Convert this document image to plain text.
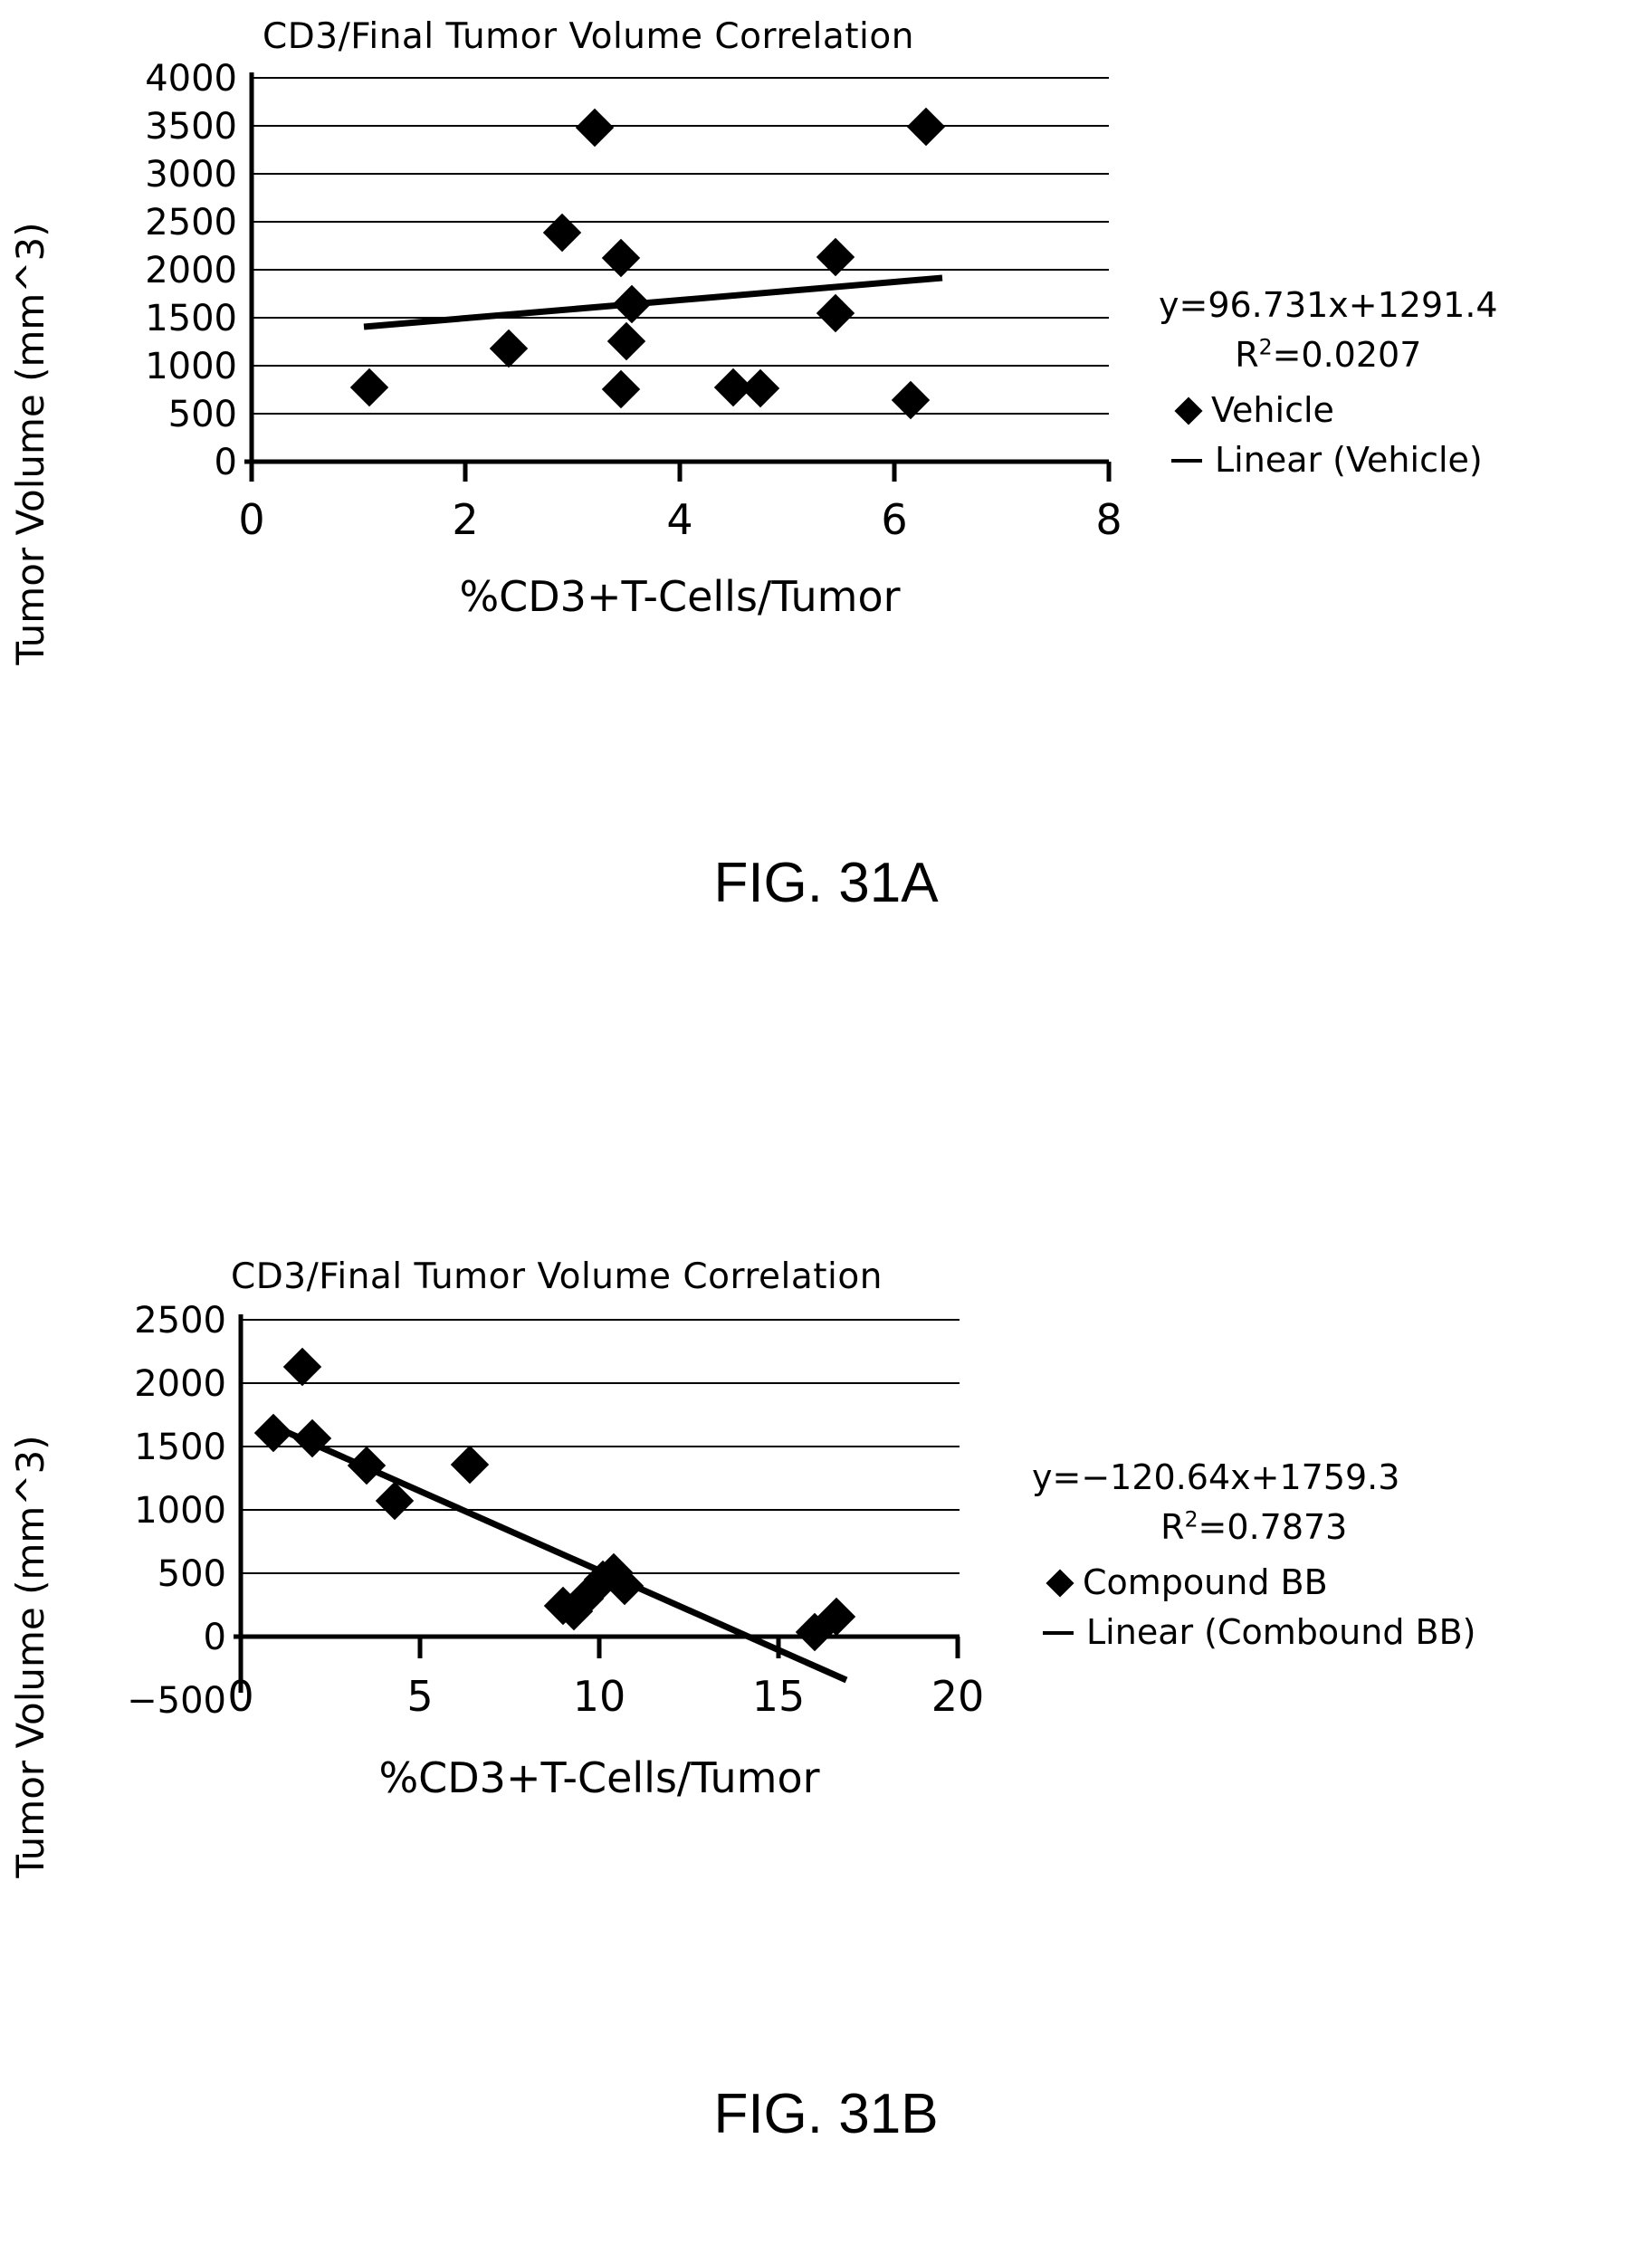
CD3/Final Tumor Volume Correlation
Tumor Volume (mm^3)
4000
3500
3000
2500
2000
1500
1000
500
0
0	2	4	6	8
%CD3+T-Cells/Tumor
y=96.731x+1291.4
$R^2=0.0207$
Vehicle
Linear (Vehicle)
FIG. 31A
CD3/Final Tumor Volume Correlation
Tumor Volume (mm^3)
2500
2000
1500
1000
500
0
−500 0	5	10	15	20
%CD3+T-Cells/Tumor
y=−120.64x+1759.3
$R^2=0.7873$
Compound BB
Linear (Combound BB)
FIG. 31B
